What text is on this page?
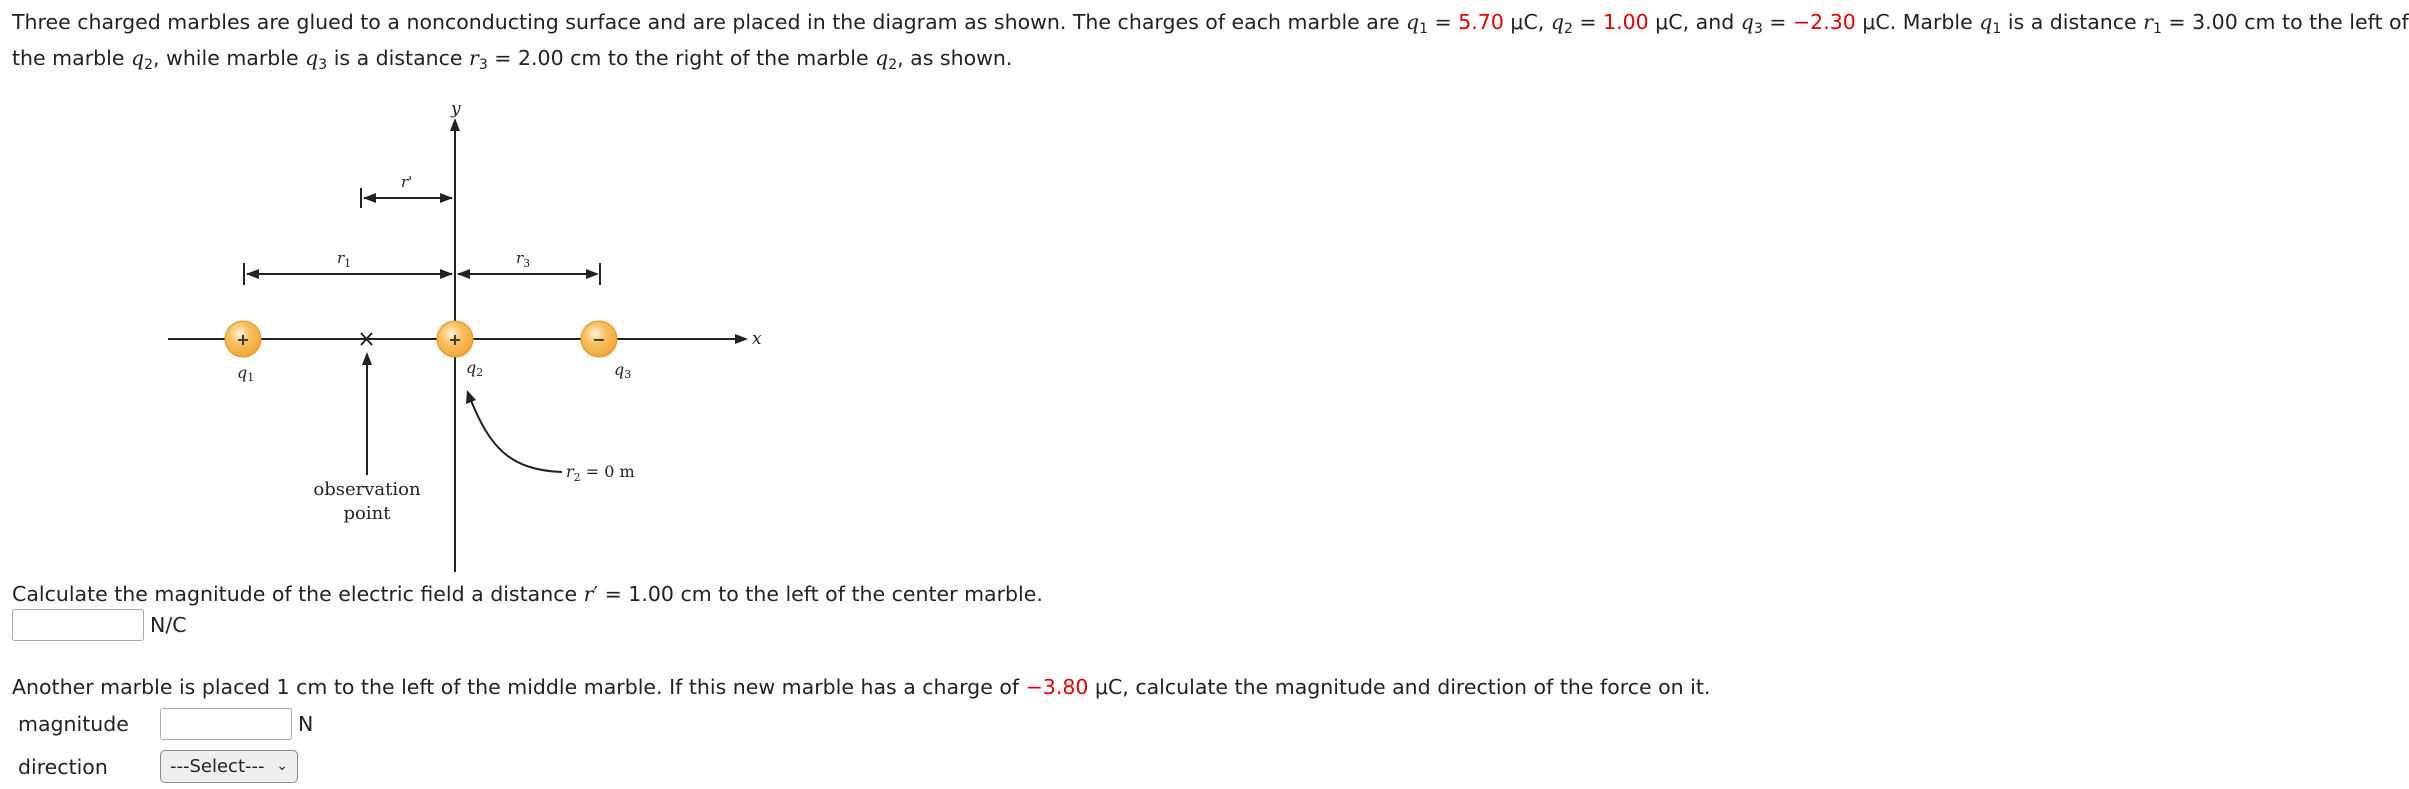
Three charged marbles are glued to a nonconducting surface and are placed in the diagram as shown. The charges of each marble are $q_1 = 5.70$ μC, $q_2 = 1.00$ μC, and $q_3 = -2.30$ μC. Marble $q_1$ is a distance $r_1 = 3.00$ cm to the left of
the marble $q_2$, while marble $q_3$ is a distance $r_3 = 2.00$ cm to the right of the marble $q_2$, as shown.
+	+	−
y
x
r'
$r_1$	$r_3$
q1
q2	q3
$r_2 = 0$ m
observation
point
Calculate the magnitude of the electric field a distance r′ = 1.00 cm to the left of the center marble.
N/C
Another marble is placed 1 cm to the left of the middle marble. If this new marble has a charge of −3.80 μC, calculate the magnitude and direction of the force on it.
magnitude	N
direction	---Select--- ⌄
